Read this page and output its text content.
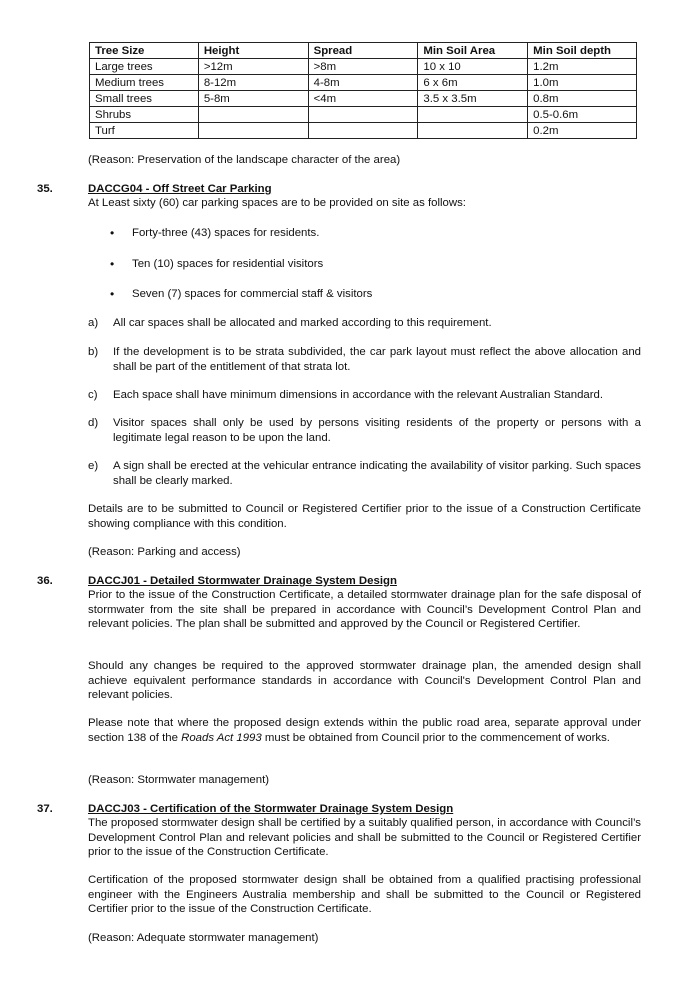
Tree Size	Height	Spread	Min Soil Area	Min Soil depth
Large trees	>12m	>8m	10 x 10	1.2m
Medium trees	8-12m	4-8m	6 x 6m	1.0m
Small trees	5-8m	<4m	3.5 x 3.5m	0.8m
Shrubs				0.5-0.6m
Turf				0.2m
(Reason: Preservation of the landscape character of the area)
35.	DACCG04 - Off Street Car Parking
At Least sixty (60) car parking spaces are to be provided on site as follows:
• Forty-three (43) spaces for residents.
• Ten (10) spaces for residential visitors
• Seven (7) spaces for commercial staff & visitors
a) All car spaces shall be allocated and marked according to this requirement.
b) If the development is to be strata subdivided, the car park layout must reflect the above allocation and shall be part of the entitlement of that strata lot.
c) Each space shall have minimum dimensions in accordance with the relevant Australian Standard.
d) Visitor spaces shall only be used by persons visiting residents of the property or persons with a legitimate legal reason to be upon the land.
e) A sign shall be erected at the vehicular entrance indicating the availability of visitor parking. Such spaces shall be clearly marked.
Details are to be submitted to Council or Registered Certifier prior to the issue of a Construction Certificate showing compliance with this condition.
(Reason: Parking and access)
36.	DACCJ01 - Detailed Stormwater Drainage System Design
Prior to the issue of the Construction Certificate, a detailed stormwater drainage plan for the safe disposal of stormwater from the site shall be prepared in accordance with Council’s Development Control Plan and relevant policies. The plan shall be submitted and approved by the Council or Registered Certifier.
Should any changes be required to the approved stormwater drainage plan, the amended design shall achieve equivalent performance standards in accordance with Council's Development Control Plan and relevant policies.
Please note that where the proposed design extends within the public road area, separate approval under section 138 of the Roads Act 1993 must be obtained from Council prior to the commencement of works.
(Reason: Stormwater management)
37.	DACCJ03 - Certification of the Stormwater Drainage System Design
The proposed stormwater design shall be certified by a suitably qualified person, in accordance with Council’s Development Control Plan and relevant policies and shall be submitted to the Council or Registered Certifier prior to the issue of the Construction Certificate.
Certification of the proposed stormwater design shall be obtained from a qualified practising professional engineer with the Engineers Australia membership and shall be submitted to the Council or Registered Certifier prior to the issue of the Construction Certificate.
(Reason: Adequate stormwater management)
